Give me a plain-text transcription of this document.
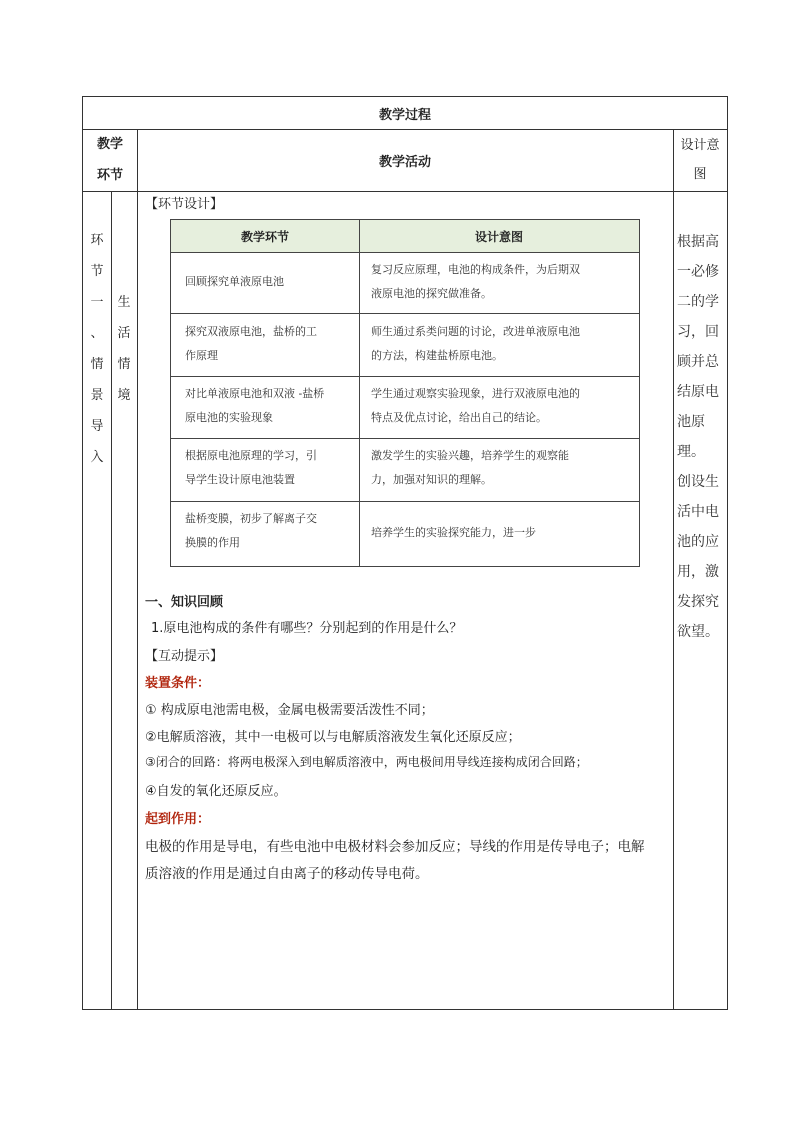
教学过程
教学
环节
教学活动
设计意
图
环
节
一
、
情
景
导
入
生
活
情
境
【环节设计】
教学环节	设计意图
回顾探究单液原电池
复习反应原理，电池的构成条件，为后期双
液原电池的探究做准备。
探究双液原电池，盐桥的工
作原理
师生通过系类问题的讨论，改进单液原电池
的方法，构建盐桥原电池。
对比单液原电池和双液 -盐桥
原电池的实验现象
学生通过观察实验现象，进行双液原电池的
特点及优点讨论，给出自己的结论。
根据原电池原理的学习，引
导学生设计原电池装置
激发学生的实验兴趣，培养学生的观察能
力，加强对知识的理解。
盐桥变膜，初步了解离子交
换膜的作用
培养学生的实验探究能力，进一步
一、知识回顾
1.原电池构成的条件有哪些？分别起到的作用是什么？
【互动提示】
装置条件：
① 构成原电池需电极，金属电极需要活泼性不同；
②电解质溶液，其中一电极可以与电解质溶液发生氧化还原反应；
③闭合的回路：将两电极深入到电解质溶液中，两电极间用导线连接构成闭合回路；
④自发的氧化还原反应。
起到作用：
电极的作用是导电，有些电池中电极材料会参加反应；导线的作用是传导电子；电解
质溶液的作用是通过自由离子的移动传导电荷。
根据高
一必修
二的学
习，回
顾并总
结原电
池原
理。
创设生
活中电
池的应
用，激
发探究
欲望。
